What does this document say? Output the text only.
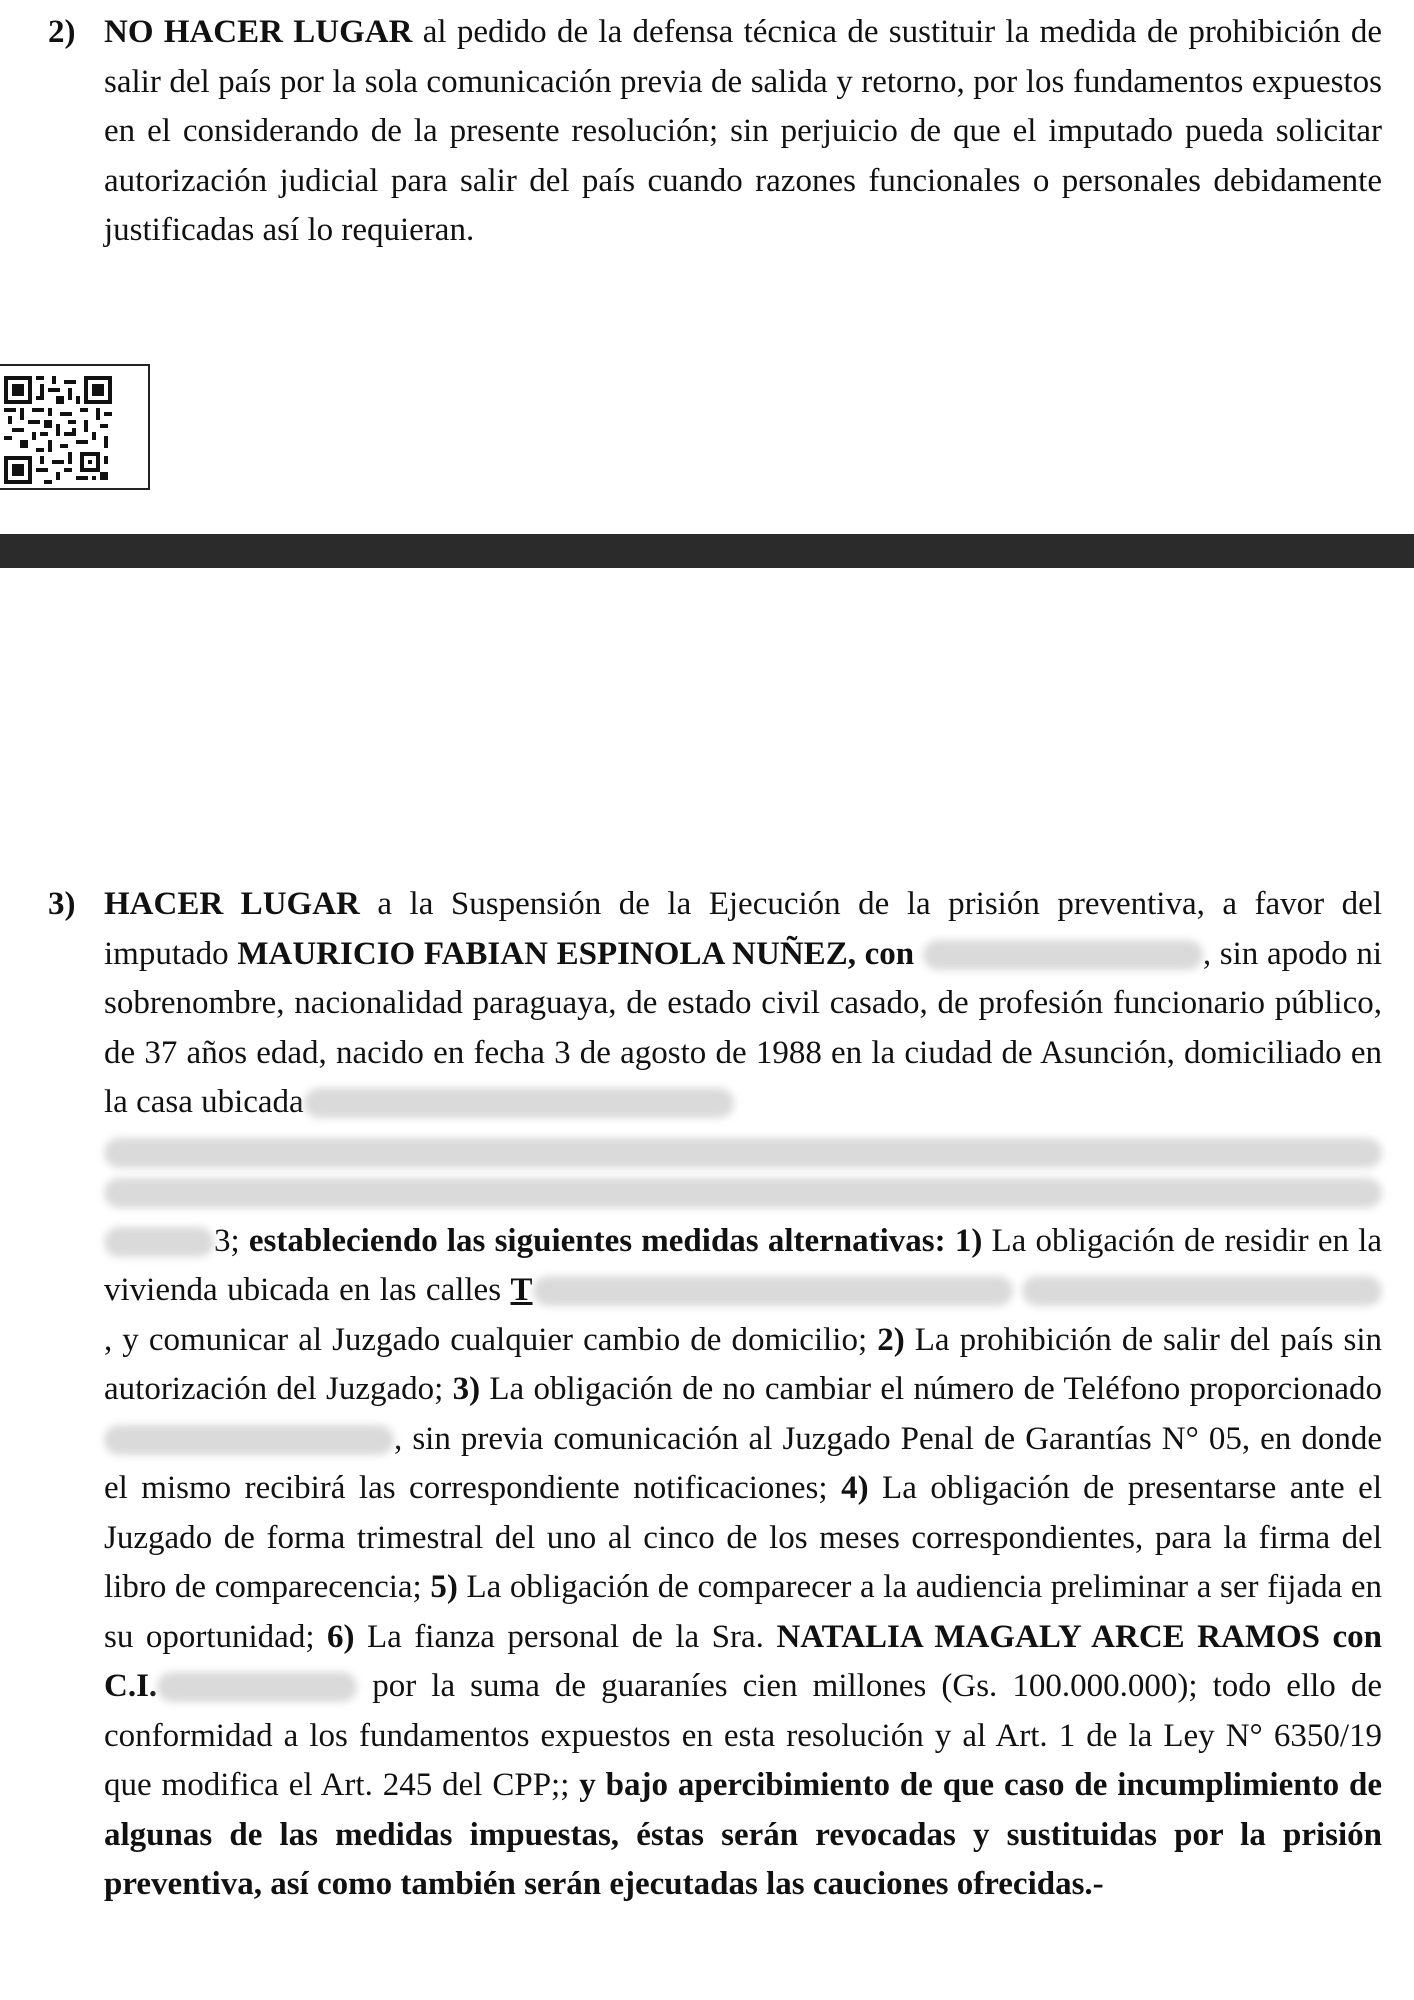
2) NO HACER LUGAR al pedido de la defensa técnica de sustituir la medida de prohibición de salir del país por la sola comunicación previa de salida y retorno, por los fundamentos expuestos en el considerando de la presente resolución; sin perjuicio de que el imputado pueda solicitar autorización judicial para salir del país cuando razones funcionales o personales debidamente justificadas así lo requieran.
3) HACER LUGAR a la Suspensión de la Ejecución de la prisión preventiva, a favor del imputado MAURICIO FABIAN ESPINOLA NUÑEZ, con	, sin apodo ni sobrenombre, nacionalidad paraguaya, de estado civil casado, de profesión funcionario público, de 37 años edad, nacido en fecha 3 de agosto de 1988 en la ciudad de Asunción, domiciliado en la casa ubicada
3; estableciendo las siguientes medidas alternativas: 1) La obligación de residir en la vivienda ubicada en las calles T , y comunicar al Juzgado cualquier cambio de domicilio; 2) La prohibición de salir del país sin autorización del Juzgado; 3) La obligación de no cambiar el número de Teléfono proporcionado , sin previa comunicación al Juzgado Penal de Garantías N° 05, en donde el mismo recibirá las correspondiente notificaciones; 4) La obligación de presentarse ante el Juzgado de forma trimestral del uno al cinco de los meses correspondientes, para la firma del libro de comparecencia; 5) La obligación de comparecer a la audiencia preliminar a ser fijada en su oportunidad; 6) La fianza personal de la Sra. NATALIA MAGALY ARCE RAMOS con C.I.	por la suma de guaraníes cien millones (Gs. 100.000.000); todo ello de conformidad a los fundamentos expuestos en esta resolución y al Art. 1 de la Ley N° 6350/19 que modifica el Art. 245 del CPP;; y bajo apercibimiento de que caso de incumplimiento de algunas de las medidas impuestas, éstas serán revocadas y sustituidas por la prisión preventiva, así como también serán ejecutadas las cauciones ofrecidas.-
